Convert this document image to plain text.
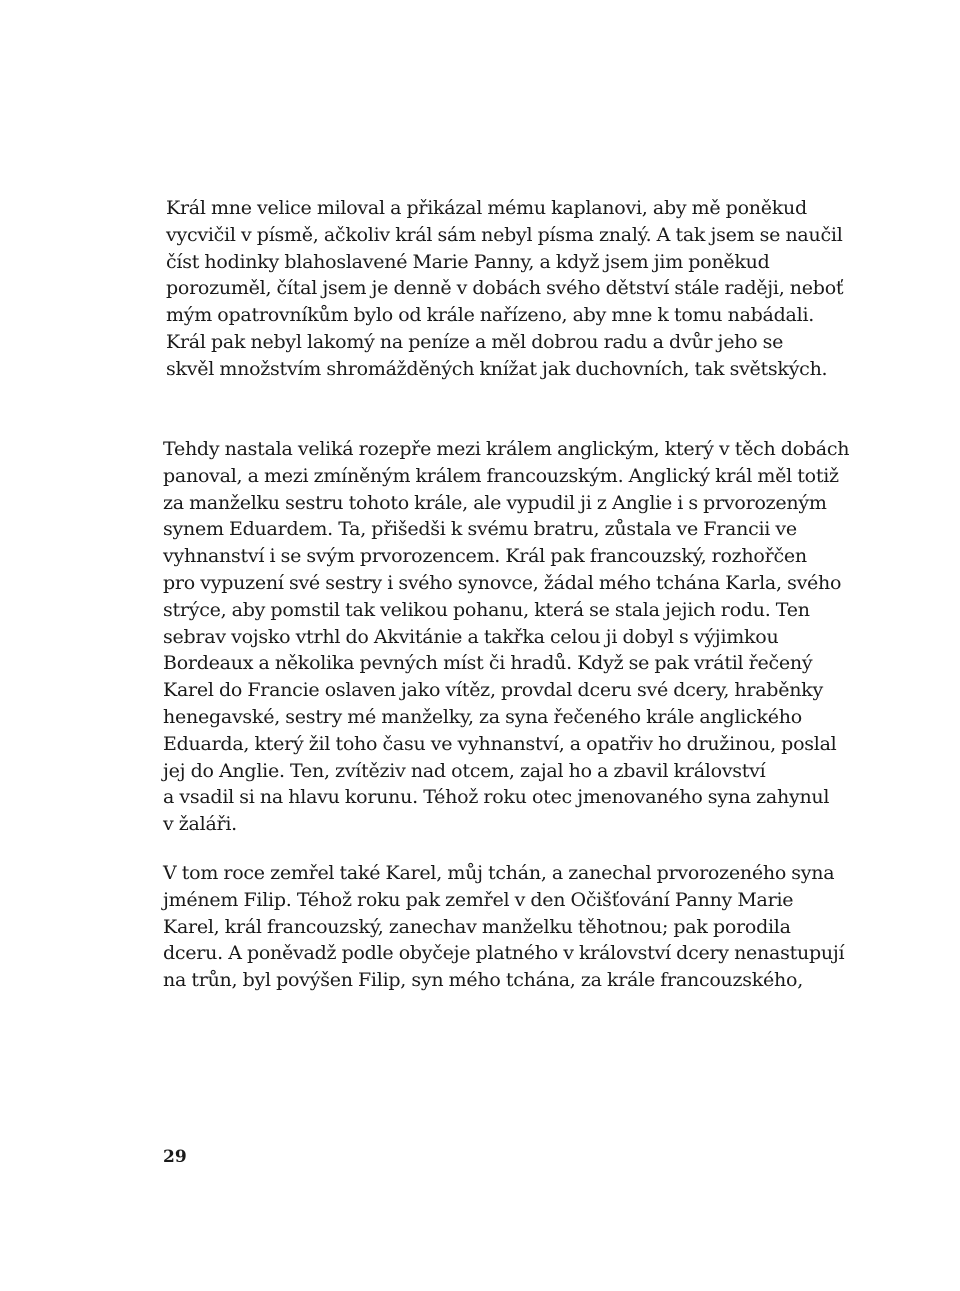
Král mne velice miloval a přikázal mému kaplanovi, aby mě poněkud
vycvičil v písmě, ačkoliv král sám nebyl písma znalý. A tak jsem se naučil
číst hodinky blahoslavené Marie Panny, a když jsem jim poněkud
porozuměl, čítal jsem je denně v dobách svého dětství stále raději, neboť
mým opatrovníkům bylo od krále nařízeno, aby mne k tomu nabádali.
Král pak nebyl lakomý na peníze a měl dobrou radu a dvůr jeho se
skvěl množstvím shromážděných knížat jak duchovních, tak světských.

Tehdy nastala veliká rozepře mezi králem anglickým, který v těch dobách
panoval, a mezi zmíněným králem francouzským. Anglický král měl totiž
za manželku sestru tohoto krále, ale vypudil ji z Anglie i s prvorozeným
synem Eduardem. Ta, přišedši k svému bratru, zůstala ve Francii ve
vyhnanství i se svým prvorozencem. Král pak francouzský, rozhořčen
pro vypuzení své sestry i svého synovce, žádal mého tchána Karla, svého
strýce, aby pomstil tak velikou pohanu, která se stala jejich rodu. Ten
sebrav vojsko vtrhl do Akvitánie a takřka celou ji dobyl s výjimkou
Bordeaux a několika pevných míst či hradů. Když se pak vrátil řečený
Karel do Francie oslaven jako vítěz, provdal dceru své dcery, hraběnky
henegavské, sestry mé manželky, za syna řečeného krále anglického
Eduarda, který žil toho času ve vyhnanství, a opatřiv ho družinou, poslal
jej do Anglie. Ten, zvítěziv nad otcem, zajal ho a zbavil království
a vsadil si na hlavu korunu. Téhož roku otec jmenovaného syna zahynul
v žaláři.

V tom roce zemřel také Karel, můj tchán, a zanechal prvorozeného syna
jménem Filip. Téhož roku pak zemřel v den Očišťování Panny Marie
Karel, král francouzský, zanechav manželku těhotnou; pak porodila
dceru. A poněvadž podle obyčeje platného v království dcery nenastupují
na trůn, byl povýšen Filip, syn mého tchána, za krále francouzského,

29
